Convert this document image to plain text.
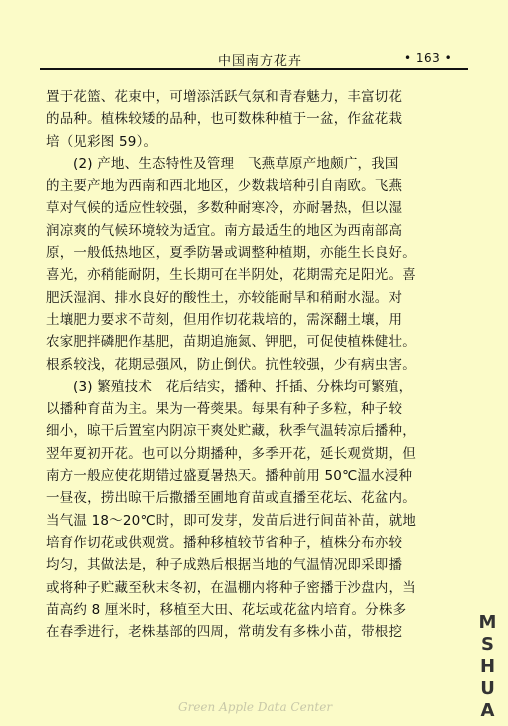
中国南方花卉	• 163 •
置于花篮、花束中，可增添活跃气氛和青春魅力，丰富切花
的品种。植株较矮的品种，也可数株种植于一盆，作盆花栽
培（见彩图 59）。
(2) 产地、生态特性及管理　飞燕草原产地颇广，我国
的主要产地为西南和西北地区，少数栽培种引自南欧。飞燕
草对气候的适应性较强，多数种耐寒冷，亦耐暑热，但以湿
润凉爽的气候环境较为适宜。南方最适生的地区为西南部高
原，一般低热地区，夏季防暑或调整种植期，亦能生长良好。
喜光，亦稍能耐阴，生长期可在半阴处，花期需充足阳光。喜
肥沃湿润、排水良好的酸性土，亦较能耐旱和稍耐水湿。对
土壤肥力要求不苛刻，但用作切花栽培的，需深翻土壤，用
农家肥拌磷肥作基肥，苗期追施氮、钾肥，可促使植株健壮。
根系较浅，花期忌强风，防止倒伏。抗性较强，少有病虫害。
(3) 繁殖技术　花后结实，播种、扦插、分株均可繁殖，
以播种育苗为主。果为一蓇葖果。每果有种子多粒，种子较
细小，晾干后置室内阴凉干爽处贮藏，秋季气温转凉后播种，
翌年夏初开花。也可以分期播种，多季开花，延长观赏期，但
南方一般应使花期错过盛夏暑热天。播种前用 50℃温水浸种
一昼夜，捞出晾干后撒播至圃地育苗或直播至花坛、花盆内。
当气温 18～20℃时，即可发芽，发苗后进行间苗补苗，就地
培育作切花或供观赏。播种移植较节省种子，植株分布亦较
均匀，其做法是，种子成熟后根据当地的气温情况即采即播
或将种子贮藏至秋末冬初，在温棚内将种子密播于沙盘内，当
苗高约 8 厘米时，移植至大田、花坛或花盆内培育。分株多
在春季进行，老株基部的四周，常萌发有多株小苗，带根挖
Green Apple Data Center	MSHUA
